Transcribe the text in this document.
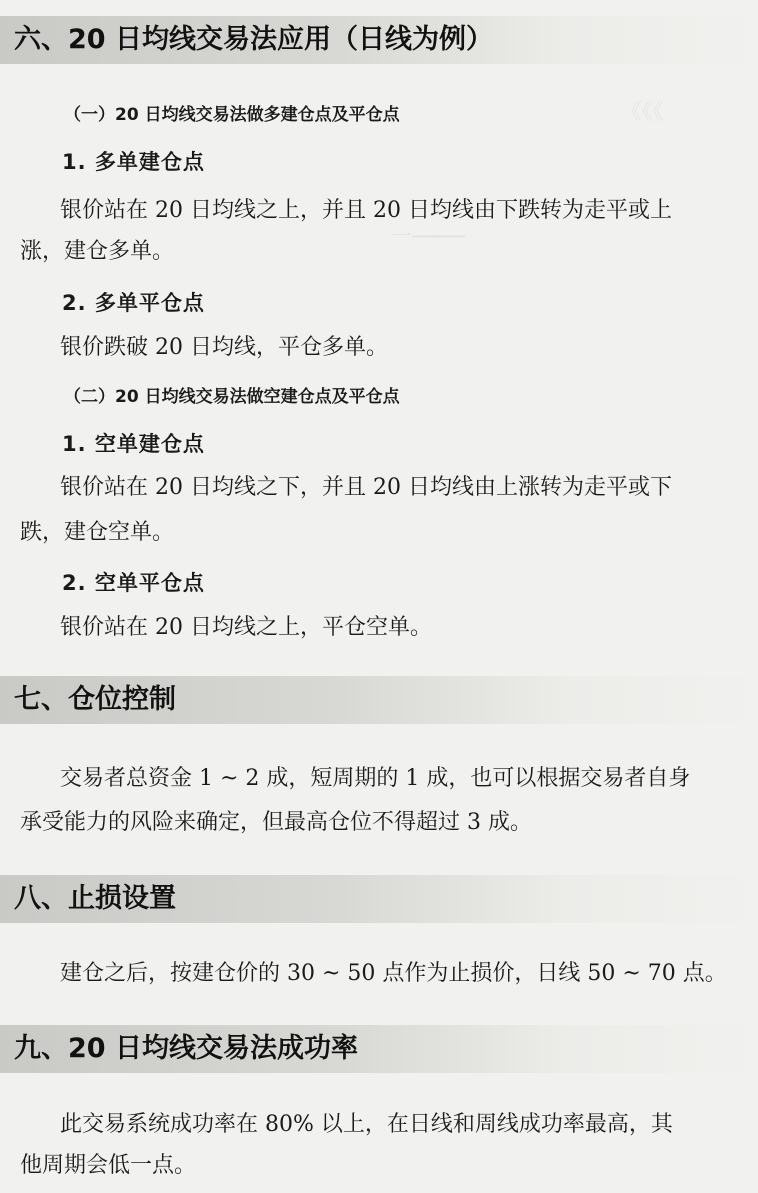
《《《
一────
六、20 日均线交易法应用（日线为例）
（一）20 日均线交易法做多建仓点及平仓点
1. 多单建仓点
银价站在 20 日均线之上，并且 20 日均线由下跌转为走平或上
涨，建仓多单。
2. 多单平仓点
银价跌破 20 日均线，平仓多单。
（二）20 日均线交易法做空建仓点及平仓点
1. 空单建仓点
银价站在 20 日均线之下，并且 20 日均线由上涨转为走平或下
跌，建仓空单。
2. 空单平仓点
银价站在 20 日均线之上，平仓空单。
七、仓位控制
交易者总资金 1 ~ 2 成，短周期的 1 成，也可以根据交易者自身
承受能力的风险来确定，但最高仓位不得超过 3 成。
八、止损设置
建仓之后，按建仓价的 30 ~ 50 点作为止损价，日线 50 ~ 70 点。
九、20 日均线交易法成功率
此交易系统成功率在 80% 以上，在日线和周线成功率最高，其
他周期会低一点。
